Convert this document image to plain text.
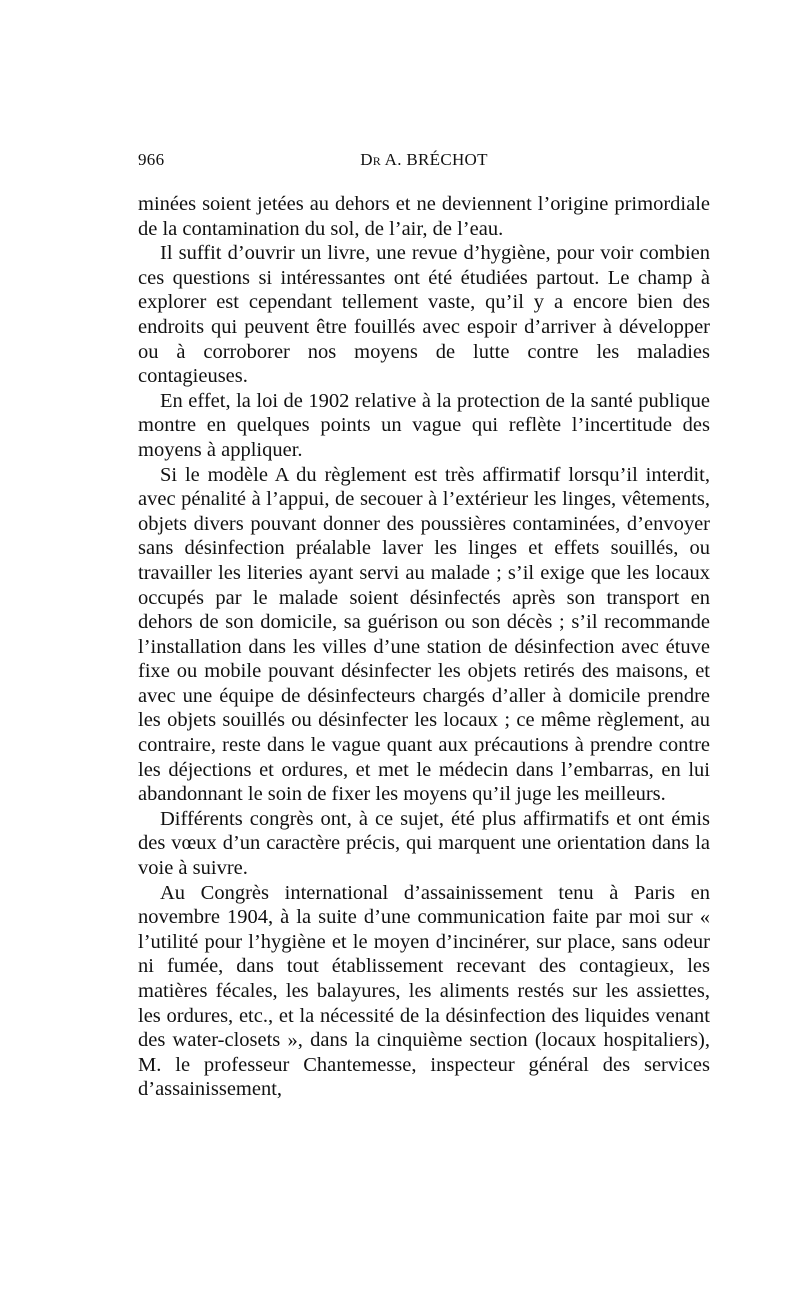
966	Dr A. BRÉCHOT

minées soient jetées au dehors et ne deviennent l’origine primordiale de la contamination du sol, de l’air, de l’eau.

Il suffit d’ouvrir un livre, une revue d’hygiène, pour voir combien ces questions si intéressantes ont été étudiées partout. Le champ à explorer est cependant tellement vaste, qu’il y a encore bien des endroits qui peuvent être fouillés avec espoir d’arriver à développer ou à corroborer nos moyens de lutte contre les maladies contagieuses.

En effet, la loi de 1902 relative à la protection de la santé publique montre en quelques points un vague qui reflète l’incertitude des moyens à appliquer.

Si le modèle A du règlement est très affirmatif lorsqu’il interdit, avec pénalité à l’appui, de secouer à l’extérieur les linges, vêtements, objets divers pouvant donner des poussières contaminées, d’envoyer sans désinfection préalable laver les linges et effets souillés, ou travailler les literies ayant servi au malade ; s’il exige que les locaux occupés par le malade soient désinfectés après son transport en dehors de son domicile, sa guérison ou son décès ; s’il recommande l’installation dans les villes d’une station de désinfection avec étuve fixe ou mobile pouvant désinfecter les objets retirés des maisons, et avec une équipe de désinfecteurs chargés d’aller à domicile prendre les objets souillés ou désinfecter les locaux ; ce même règlement, au contraire, reste dans le vague quant aux précautions à prendre contre les déjections et ordures, et met le médecin dans l’embarras, en lui abandonnant le soin de fixer les moyens qu’il juge les meilleurs.

Différents congrès ont, à ce sujet, été plus affirmatifs et ont émis des vœux d’un caractère précis, qui marquent une orientation dans la voie à suivre.

Au Congrès international d’assainissement tenu à Paris en novembre 1904, à la suite d’une communication faite par moi sur « l’utilité pour l’hygiène et le moyen d’incinérer, sur place, sans odeur ni fumée, dans tout établissement recevant des contagieux, les matières fécales, les balayures, les aliments restés sur les assiettes, les ordures, etc., et la nécessité de la désinfection des liquides venant des water-closets », dans la cinquième section (locaux hospitaliers), M. le professeur Chantemesse, inspecteur général des services d’assainissement,
